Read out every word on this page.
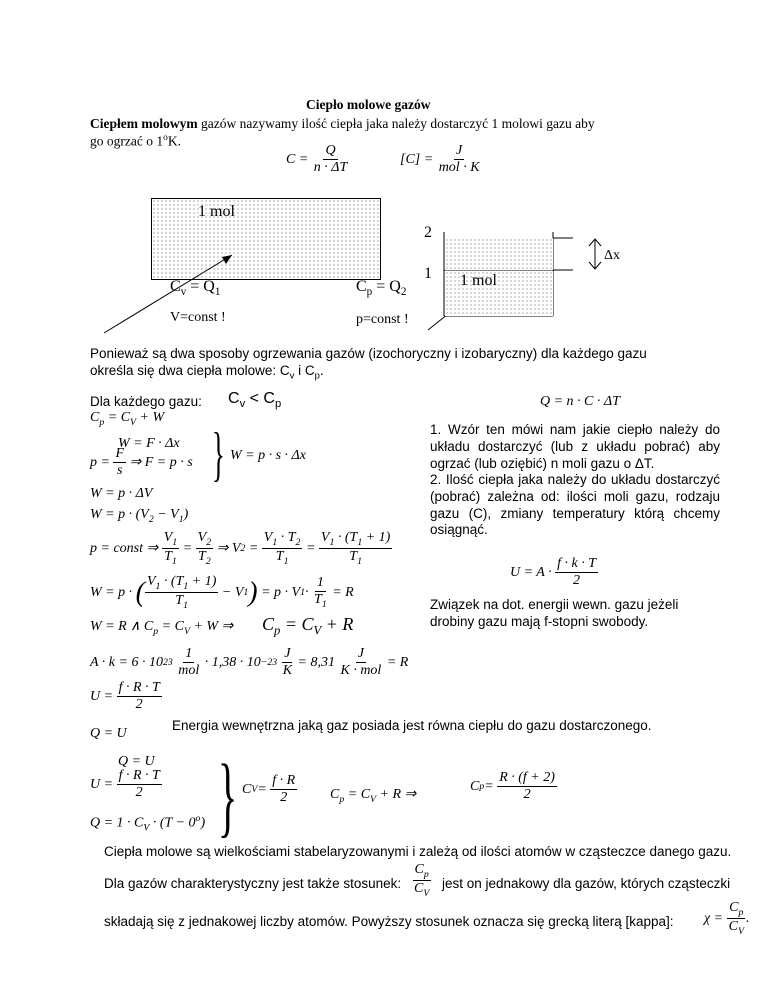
Ciepło molowe gazów
Ciepłem molowym gazów nazywamy ilość ciepła jaka należy dostarczyć 1 molowi gazu aby
go ogrzać o 1$^o$K.
C =
$\frac{Q}{n \cdot \Delta T}$	[C] =
$\frac{J}{\text{mol · K}}$
1 mol
2
1 1 mol
Δx
$C_v = Q_1$	$C_p = Q_2$
V=const !	p=const !
Ponieważ są dwa sposoby ogrzewania gazów (izochoryczny i izobaryczny) dla każdego gazu
określa się dwa ciepła molowe: $C_v$ i $C_p$.
Dla każdego gazu: $C_v < C_p$
$C_p = C_V + W$
W = F · Δx
p =
$\frac{F}{s}$
⇒ F = p · s } W = p · s · Δx
W = p · ΔV
$W = p \cdot (V_2 - V_1)$
p = const ⇒
$\frac{V_1}{T_1} = \frac{V_2}{T_2}$ ⇒ V $2 = \frac{V_1 \cdot T_2}{T_1} = \frac{V_1 \cdot (T_1 + 1)}{T_1}$
W = p · ( $\frac{V_1 \cdot (T_1 + 1)}{T_1} - V$ 1 ) = p · V $1 \cdot \frac{1}{T_1}$
= R
W = R ∧ $C_p = C_V + W$ ⇒ $C_p = C_V + R$
A · k = 6 · 10 23
$\frac{1}{\text{mol}}$
· 1,38 · 10 −23
$\frac{J}{K}$
= 8,31
$\frac{J}{\text{K · mol}}$
= R
U =
$\frac{f \cdot R \cdot T}{2}$
Q = U
Energia wewnętrzna jaką gaz posiada jest równa ciepłu do gazu dostarczonego.
Q = n · C · ΔT
1. Wzór ten mówi nam jakie ciepło należy do układu dostarczyć (lub z układu pobrać) aby ogrzać (lub oziębić) n moli gazu o ΔT.
2. Ilość ciepła jaka należy do układu dostarczyć (pobrać) zależna od: ilości moli gazu, rodzaju gazu (C), zmiany temperatury którą chcemy osiągnąć.
U = A ·
$\frac{f \cdot k \cdot T}{2}$
Związek na dot. energii wewn. gazu jeżeli drobiny gazu mają f-stopni swobody.
Q = U
U =
$\frac{f \cdot R \cdot T}{2}$
$Q = 1 \cdot C_V \cdot (T - 0^o)$ } C V =
$\frac{f \cdot R}{2} C_p = C_V + R$ ⇒
C p =
$\frac{R \cdot (f + 2)}{2}$
Ciepła molowe są wielkościami stabelaryzowanymi i zależą od ilości atomów w cząsteczce danego gazu.
Dla gazów charakterystyczny jest także stosunek: $\frac{C_p}{C_V}$ jest on jednakowy dla gazów, których cząsteczki
składają się z jednakowej liczby atomów. Powyższy stosunek oznacza się grecką literą [kappa]: χ =
$\frac{C_p}{C_V}$ .
